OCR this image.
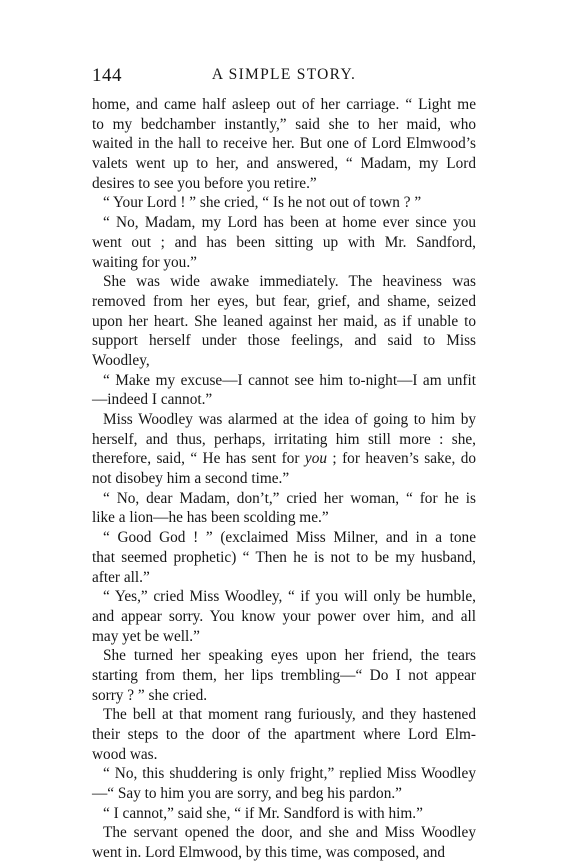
144	A SIMPLE STORY.
home, and came half asleep out of her carriage. “ Light me
to my bedchamber instantly,” said she to her maid, who
waited in the hall to receive her. But one of Lord Elmwood’s
valets went up to her, and answered, “ Madam, my Lord
desires to see you before you retire.”
“ Your Lord ! ” she cried, “ Is he not out of town ? ”
“ No, Madam, my Lord has been at home ever since you
went out ; and has been sitting up with Mr. Sandford,
waiting for you.”
She was wide awake immediately. The heaviness was
removed from her eyes, but fear, grief, and shame, seized
upon her heart. She leaned against her maid, as if unable to
support herself under those feelings, and said to Miss
Woodley,
“ Make my excuse—I cannot see him to-night—I am unfit
—indeed I cannot.”
Miss Woodley was alarmed at the idea of going to him by
herself, and thus, perhaps, irritating him still more : she,
therefore, said, “ He has sent for you ; for heaven’s sake, do
not disobey him a second time.”
“ No, dear Madam, don’t,” cried her woman, “ for he is
like a lion—he has been scolding me.”
“ Good God ! ” (exclaimed Miss Milner, and in a tone
that seemed prophetic) “ Then he is not to be my husband,
after all.”
“ Yes,” cried Miss Woodley, “ if you will only be humble,
and appear sorry. You know your power over him, and all
may yet be well.”
She turned her speaking eyes upon her friend, the tears
starting from them, her lips trembling—“ Do I not appear
sorry ? ” she cried.
The bell at that moment rang furiously, and they hastened
their steps to the door of the apartment where Lord Elm-
wood was.
“ No, this shuddering is only fright,” replied Miss Woodley
—“ Say to him you are sorry, and beg his pardon.”
“ I cannot,” said she, “ if Mr. Sandford is with him.”
The servant opened the door, and she and Miss Woodley
went in. Lord Elmwood, by this time, was composed, and
